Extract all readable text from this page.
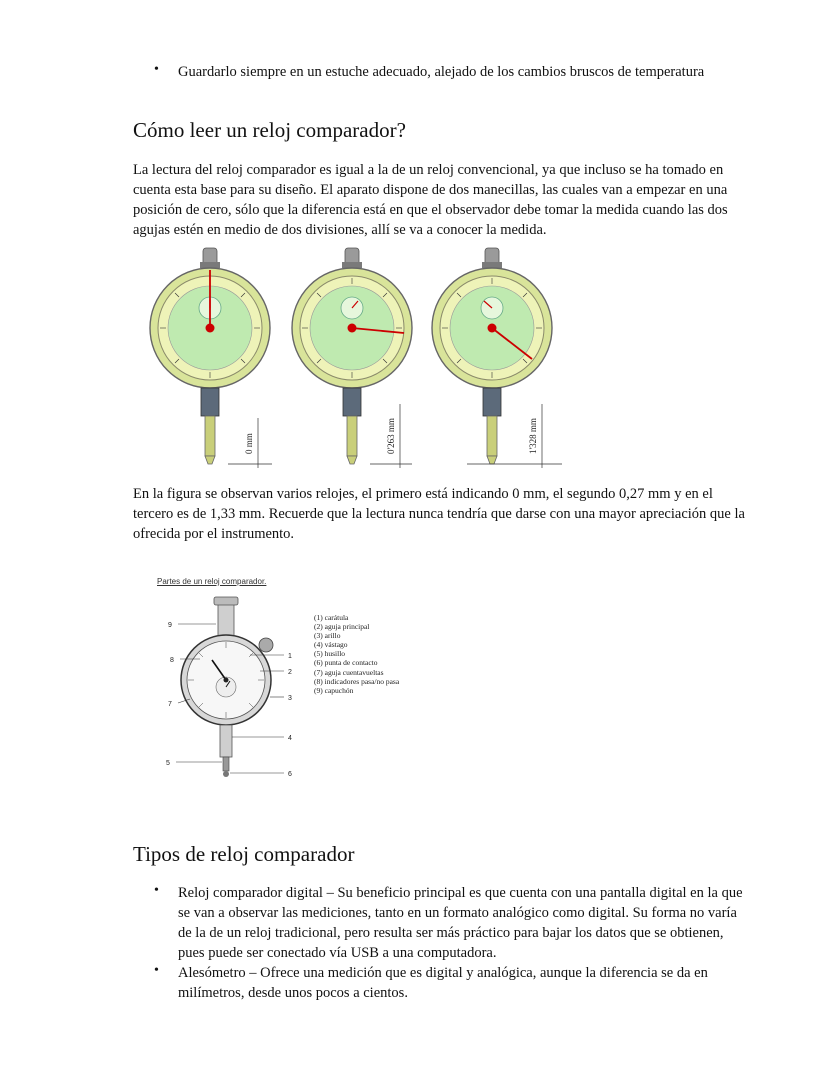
•	Guardarlo siempre en un estuche adecuado, alejado de los cambios bruscos de temperatura
Cómo leer un reloj comparador?

La lectura del reloj comparador es igual a la de un reloj convencional, ya que incluso se ha tomado en cuenta esta base para su diseño. El aparato dispone de dos manecillas, las cuales van a empezar en una posición de cero, sólo que la diferencia está en que el observador debe tomar la medida cuando las dos agujas estén en medio de dos divisiones, allí se va a conocer la medida.

0 mm	0'263 mm	1'328 mm

En la figura se observan varios relojes, el primero está indicando 0 mm, el segundo 0,27 mm y en el tercero es de 1,33 mm. Recuerde que la lectura nunca tendría que darse con una mayor apreciación que la ofrecida por el instrumento.

Partes de un reloj comparador.
1
2
3
4
5
6
7
8
9
(1) carátula
(2) aguja principal
(3) arillo
(4) vástago
(5) husillo
(6) punta de contacto
(7) aguja cuentavueltas
(8) indicadores pasa/no pasa
(9) capuchón
Tipos de reloj comparador
•	Reloj comparador digital – Su beneficio principal es que cuenta con una pantalla digital en la que se van a observar las mediciones, tanto en un formato analógico como digital. Su forma no varía de la de un reloj tradicional, pero resulta ser más práctico para bajar los datos que se obtienen, pues puede ser conectado vía USB a una computadora.
•	Alesómetro – Ofrece una medición que es digital y analógica, aunque la diferencia se da en milímetros, desde unos pocos a cientos.
